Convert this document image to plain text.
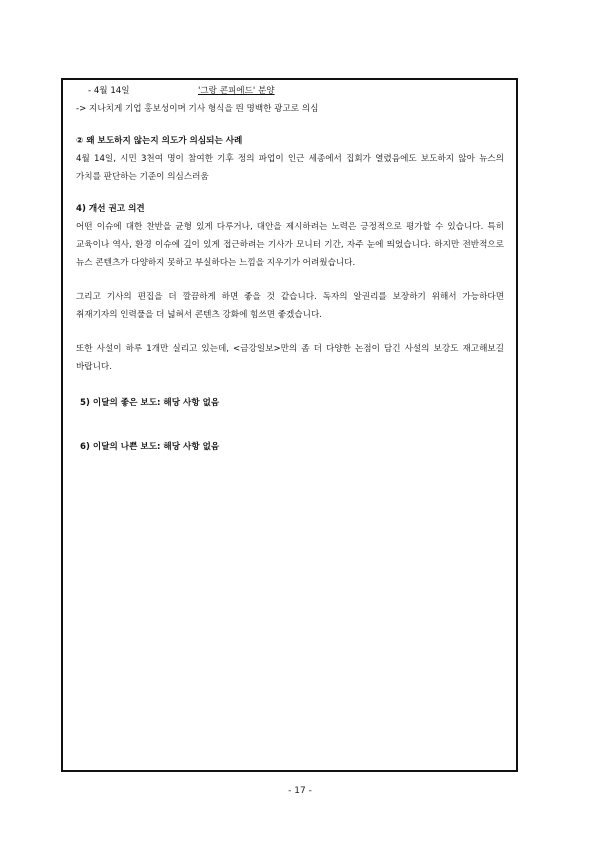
- 4월 14일	'그랑 콘피에드' 분양
-> 지나치게 기업 홍보성이며 기사 형식을 띈 명백한 광고로 의심
② 왜 보도하지 않는지 의도가 의심되는 사례
4월 14일, 시민 3천여 명이 참여한 기후 정의 파업이 인근 세종에서 집회가 열렸음에도 보도하지 않아 뉴스의 가치를 판단하는 기준이 의심스러움
4) 개선 권고 의견
어떤 이슈에 대한 찬반을 균형 있게 다루거나, 대안을 제시하려는 노력은 긍정적으로 평가할 수 있습니다. 특히 교육이나 역사, 환경 이슈에 깊이 있게 접근하려는 기사가 모니터 기간, 자주 눈에 띄었습니다. 하지만 전반적으로 뉴스 콘텐츠가 다양하지 못하고 부실하다는 느낌을 지우기가 어려웠습니다.
그리고 기사의 편집을 더 깔끔하게 하면 좋을 것 같습니다. 독자의 알권리를 보장하기 위해서 가능하다면 취재기자의 인력풀을 더 넓혀서 콘텐츠 강화에 힘쓰면 좋겠습니다.
또한 사설이 하루 1개만 실리고 있는데, <금강일보>만의 좀 더 다양한 논점이 담긴 사설의 보강도 재고해보길 바랍니다.
5) 이달의 좋은 보도: 해당 사항 없음
6) 이달의 나쁜 보도: 해당 사항 없음
- 17 -
